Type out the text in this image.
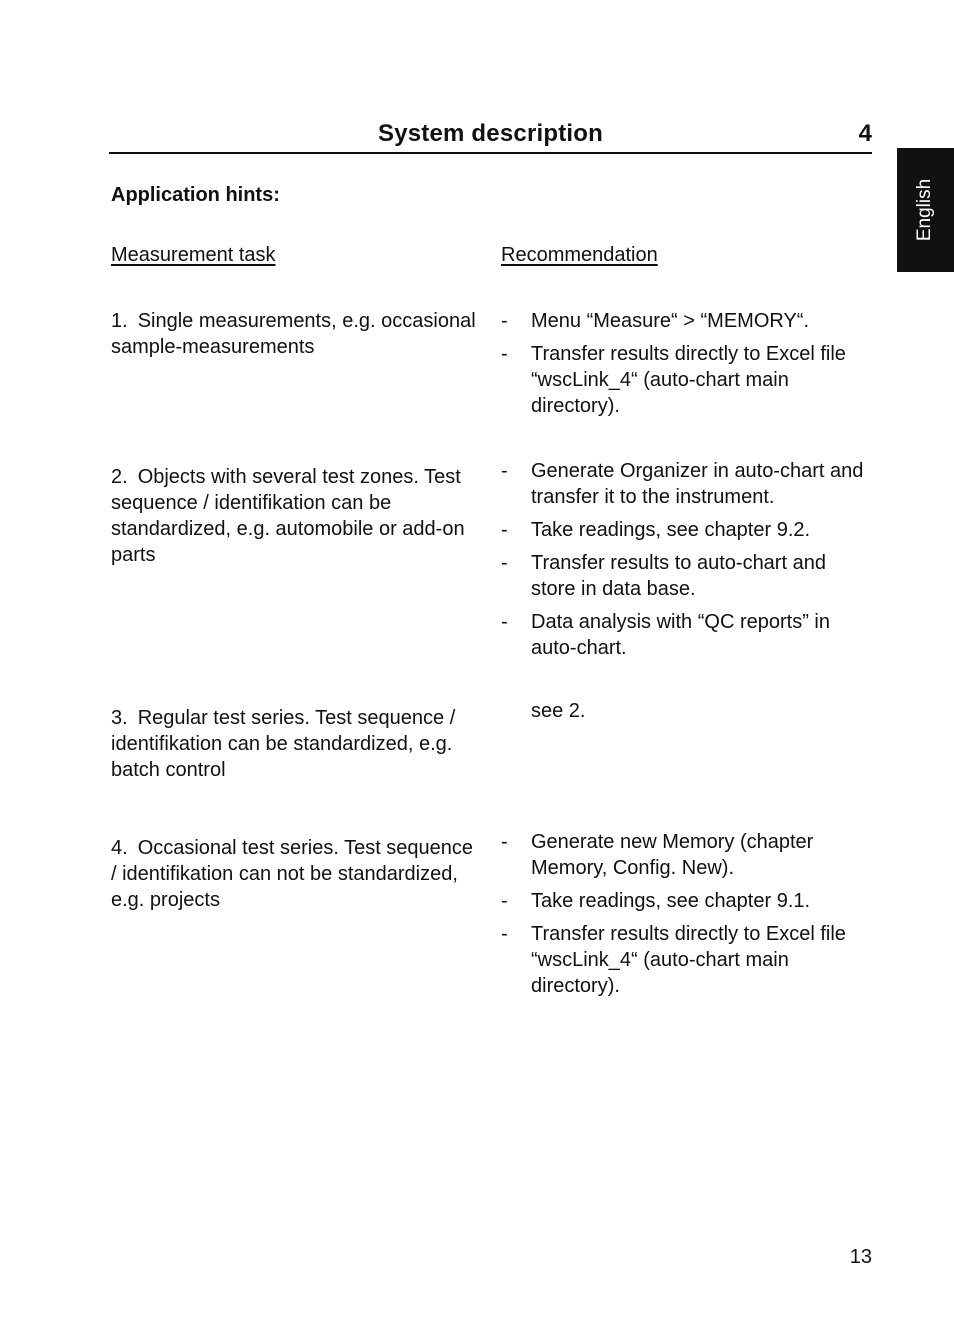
System description	4
English
Application hints:
Measurement task	Recommendation
1. Single measurements, e.g. occasional sample-measurements
- Menu “Measure“ > “MEMORY“.
- Transfer results directly to Excel file “wscLink_4“ (auto-chart main directory).
2. Objects with several test zones. Test sequence / identifikation can be standardized, e.g. automobile or add-on parts
- Generate Organizer in auto-chart and transfer it to the instrument.
- Take readings, see chapter 9.2.
- Transfer results to auto-chart and store in data base.
- Data analysis with “QC reports” in auto-chart.
3. Regular test series. Test sequence / identifikation can be standardized, e.g. batch control
see 2.
4. Occasional test series. Test sequence / identifikation can not be standardized, e.g. projects
- Generate new Memory (chapter Memory, Config. New).
- Take readings, see chapter 9.1.
- Transfer results directly to Excel file “wscLink_4“ (auto-chart main directory).
13
